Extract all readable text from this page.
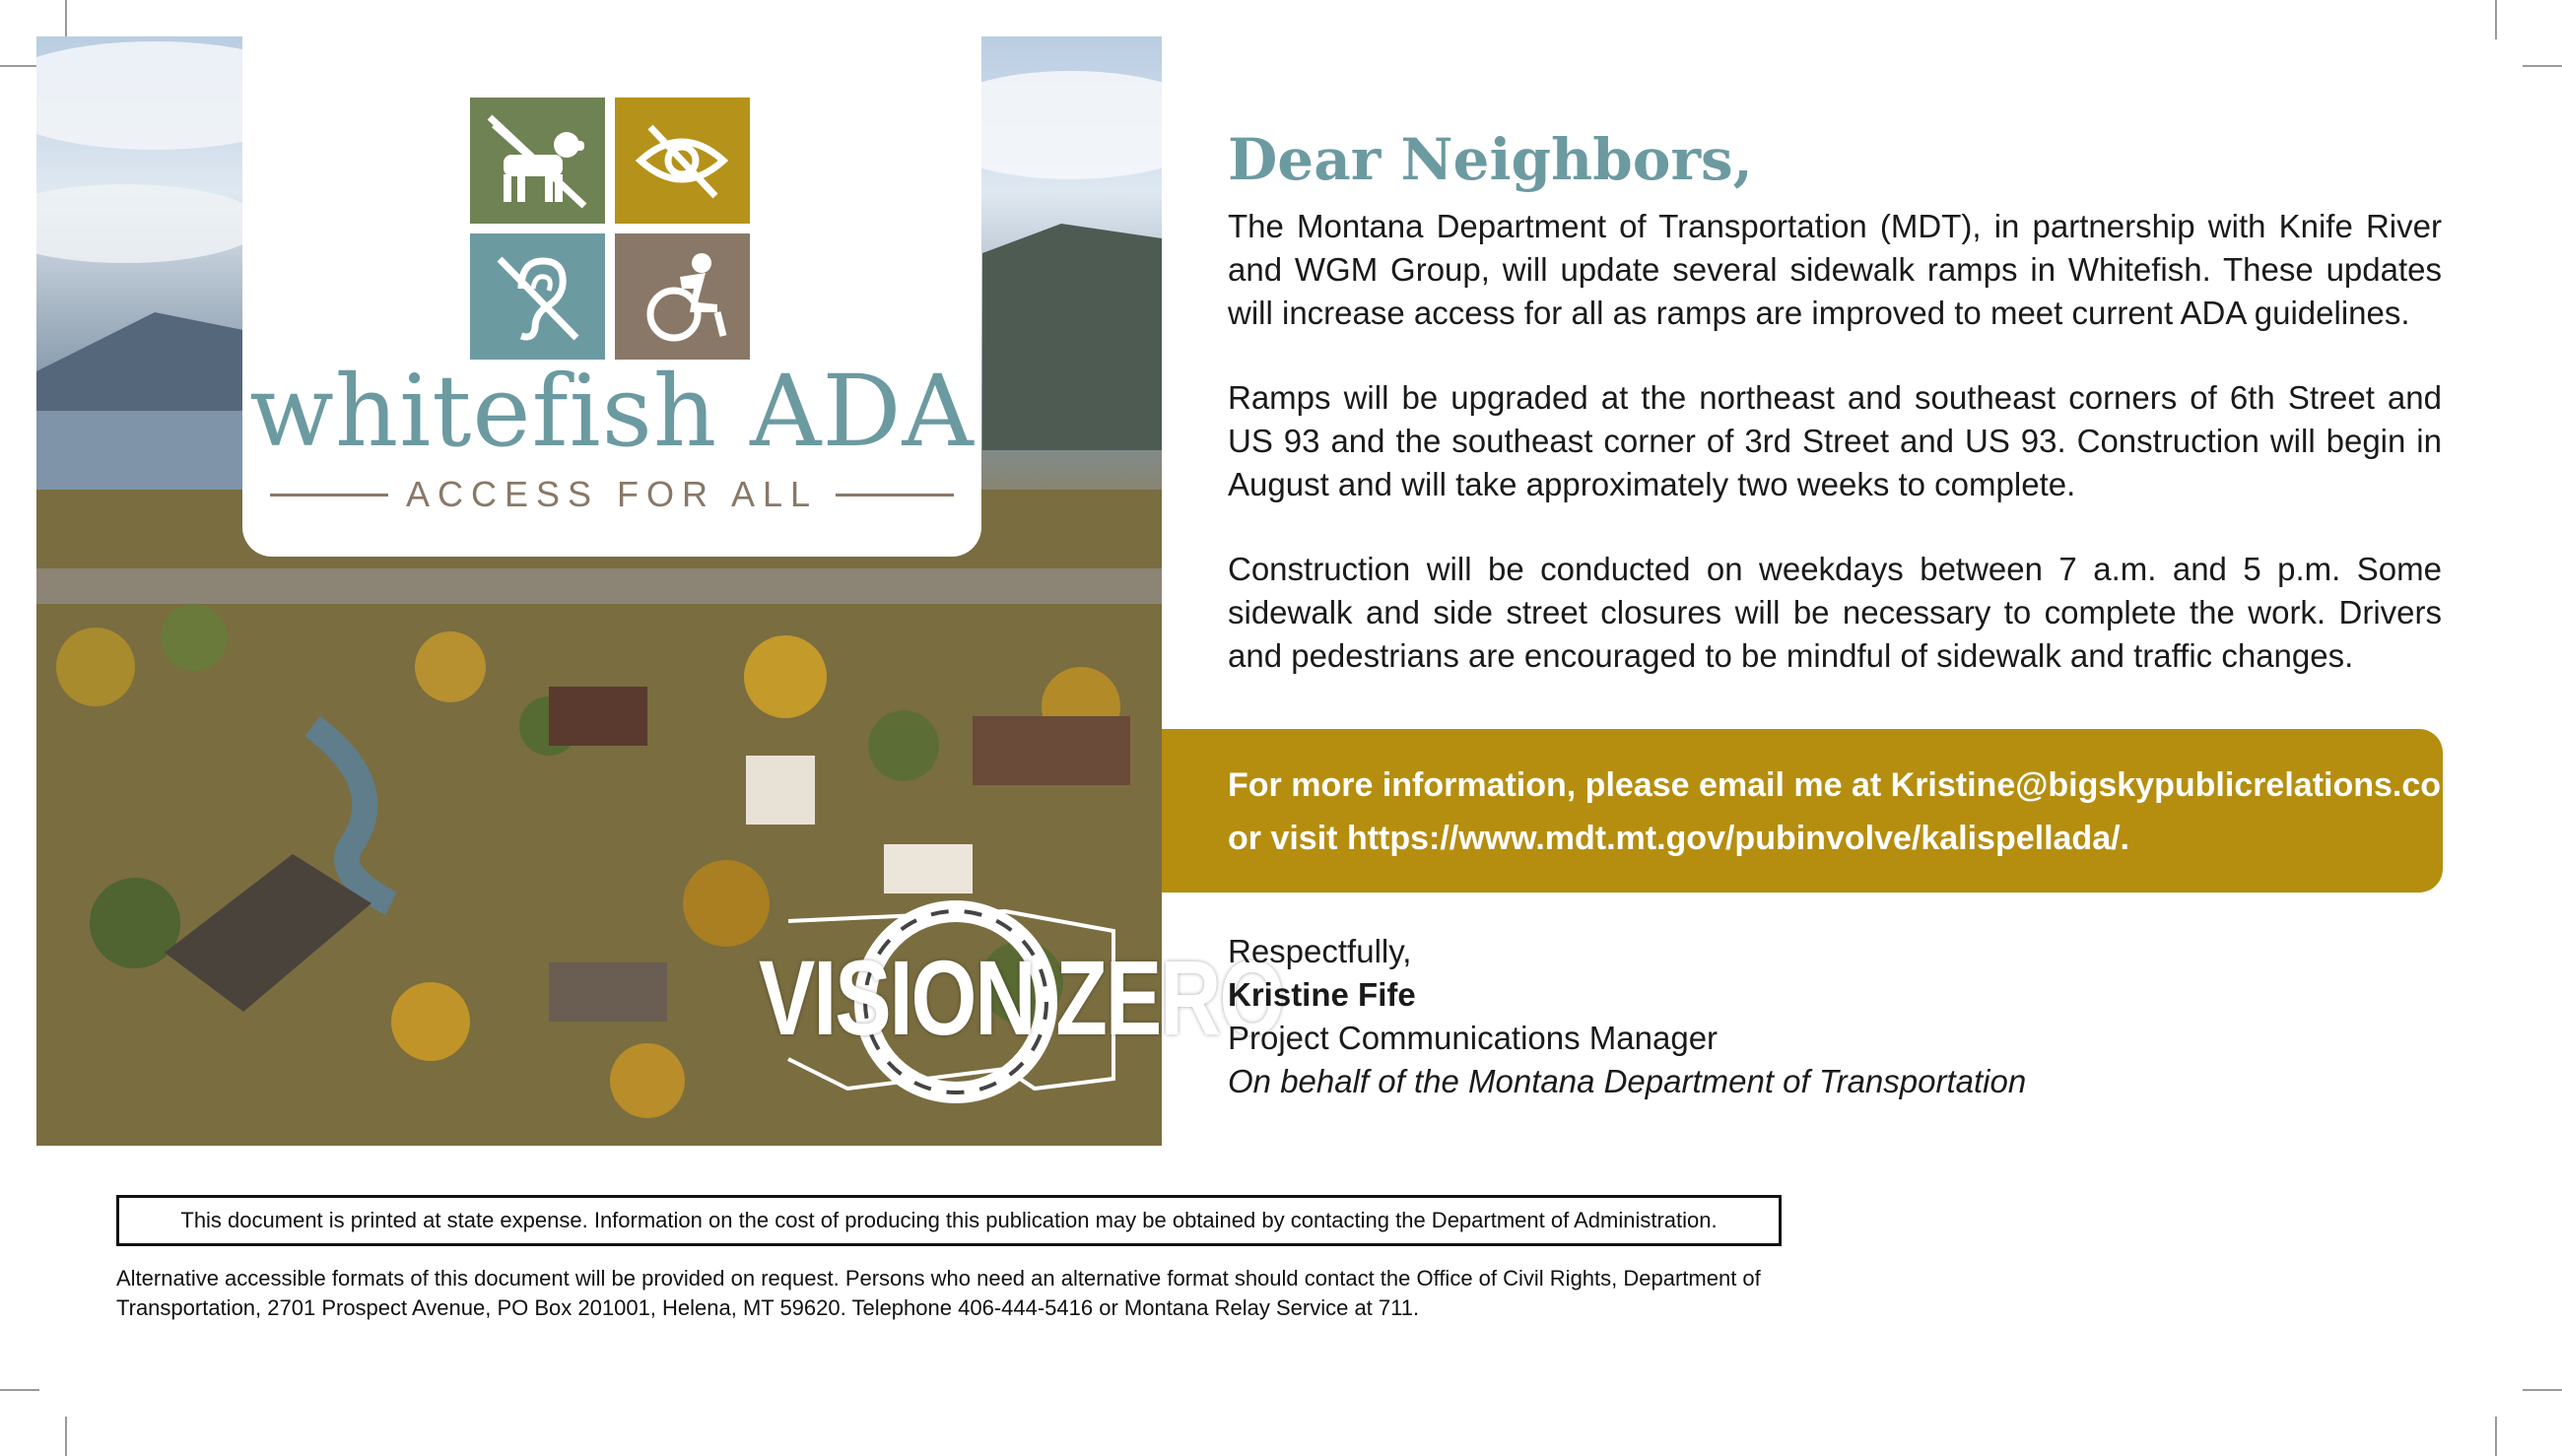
whitefish ADA
ACCESS FOR ALL
VISION ZERO
Dear Neighbors,

The Montana Department of Transportation (MDT), in partnership with Knife River and WGM Group, will update several sidewalk ramps in Whitefish. These updates will increase access for all as ramps are improved to meet current ADA guidelines.

Ramps will be upgraded at the northeast and southeast corners of 6th Street and US 93 and the southeast corner of 3rd Street and US 93. Construction will begin in August and will take approximately two weeks to complete.

Construction will be conducted on weekdays between 7 a.m. and 5 p.m. Some sidewalk and side street closures will be necessary to complete the work. Drivers and pedestrians are encouraged to be mindful of sidewalk and traffic changes.

For more information, please email me at Kristine@bigskypublicrelations.com
or visit https://www.mdt.mt.gov/pubinvolve/kalispellada/.

Respectfully,
Kristine Fife
Project Communications Manager
On behalf of the Montana Department of Transportation
This document is printed at state expense. Information on the cost of producing this publication may be obtained by contacting the Department of Administration.

Alternative accessible formats of this document will be provided on request. Persons who need an alternative format should contact the Office of Civil Rights, Department of Transportation, 2701 Prospect Avenue, PO Box 201001, Helena, MT 59620. Telephone 406-444-5416 or Montana Relay Service at 711.
